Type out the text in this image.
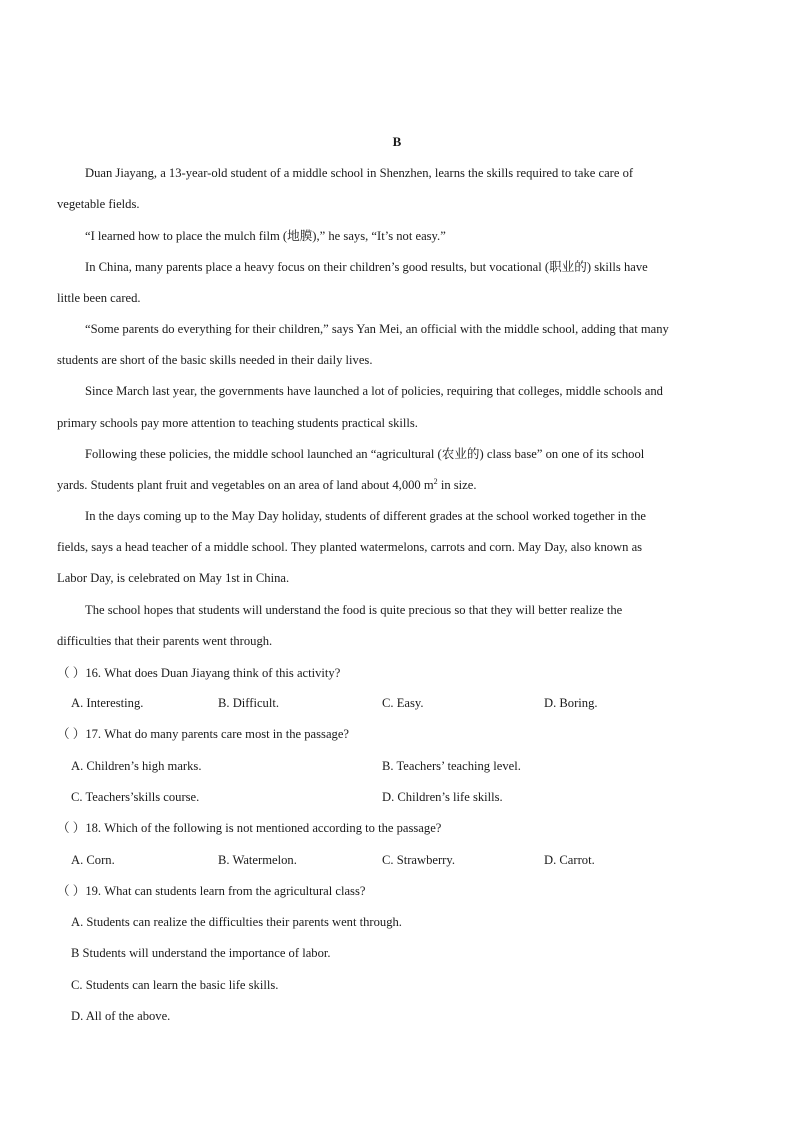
B
Duan Jiayang, a 13-year-old student of a middle school in Shenzhen, learns the skills required to take care of
vegetable fields.
“I learned how to place the mulch film (地膜),” he says, “It’s not easy.”
In China, many parents place a heavy focus on their children’s good results, but vocational (职业的) skills have
little been cared.
“Some parents do everything for their children,” says Yan Mei, an official with the middle school, adding that many
students are short of the basic skills needed in their daily lives.
Since March last year, the governments have launched a lot of policies, requiring that colleges, middle schools and
primary schools pay more attention to teaching students practical skills.
Following these policies, the middle school launched an “agricultural (农业的) class base” on one of its school
yards. Students plant fruit and vegetables on an area of land about 4,000 $m^2$ in size.
In the days coming up to the May Day holiday, students of different grades at the school worked together in the
fields, says a head teacher of a middle school. They planted watermelons, carrots and corn. May Day, also known as
Labor Day, is celebrated on May 1st in China.
The school hopes that students will understand the food is quite precious so that they will better realize the
difficulties that their parents went through.
（ ）16. What does Duan Jiayang think of this activity?
A. Interesting.	B. Difficult.	C. Easy.	D. Boring.
（ ）17. What do many parents care most in the passage?
A. Children’s high marks.	B. Teachers’ teaching level.
C. Teachers’skills course.	D. Children’s life skills.
（ ）18. Which of the following is not mentioned according to the passage?
A. Corn.	B. Watermelon.	C. Strawberry.	D. Carrot.
（ ）19. What can students learn from the agricultural class?
A. Students can realize the difficulties their parents went through.
B Students will understand the importance of labor.
C. Students can learn the basic life skills.
D. All of the above.
